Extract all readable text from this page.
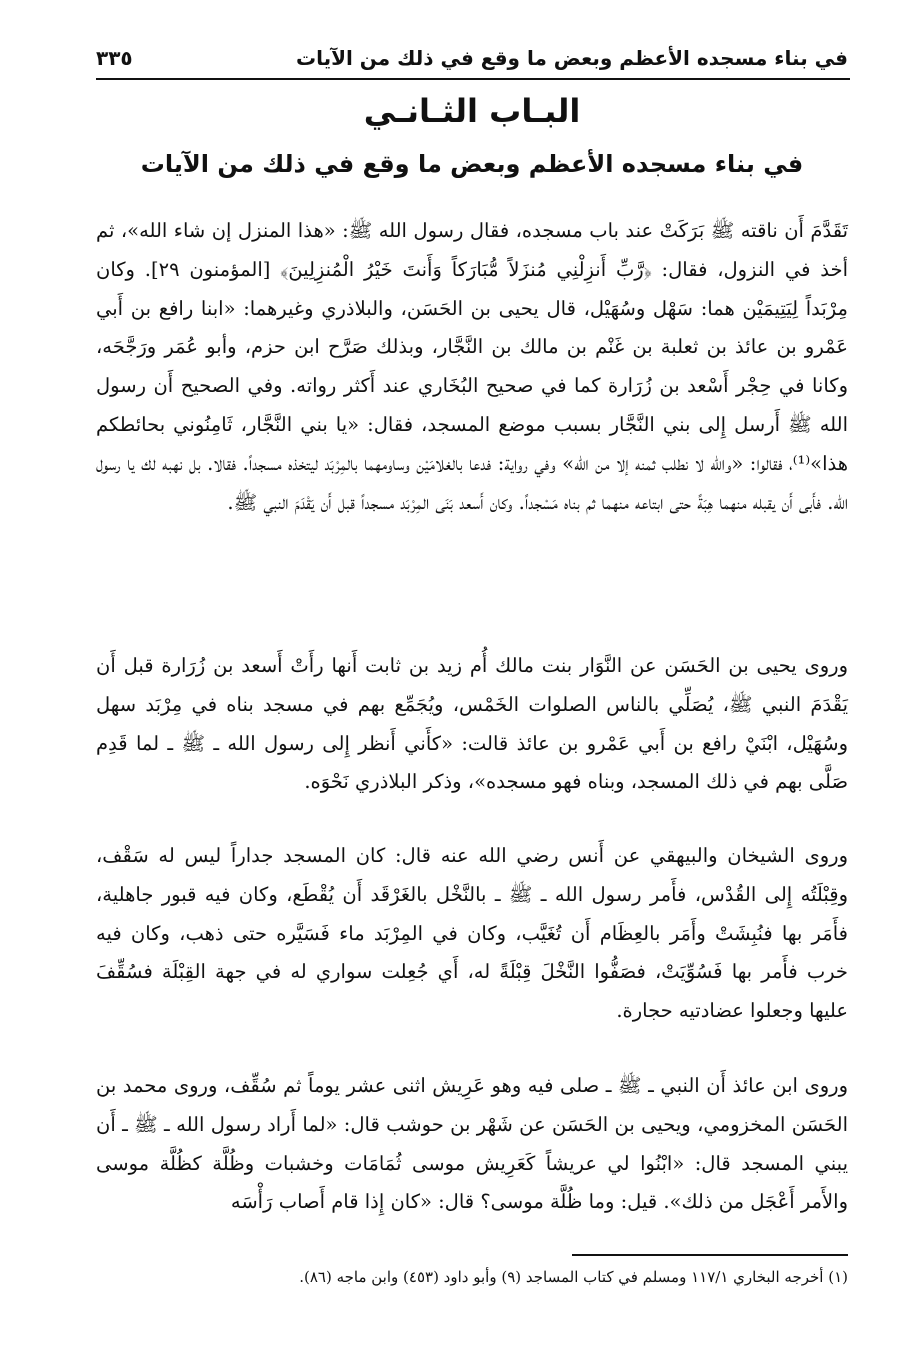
في بناء مسجده الأعظم وبعض ما وقع في ذلك من الآيات
٣٣٥
البـاب الثـانـي
في بناء مسجده الأعظم وبعض ما وقع في ذلك من الآيات

تَقَدَّمَ أَن ناقته ﷺ بَرَكَتْ عند باب مسجده، فقال رسول الله ﷺ: «هذا المنزل إن شاء الله»، ثم أخذ في النزول، فقال: ﴿رَّبِّ أَنزِلْنِي مُنزَلاً مُّبَارَكاً وَأَنتَ خَيْرُ الْمُنزِلِينَ﴾ [المؤمنون ٢٩]. وكان مِرْبَداً لِيَتِيمَيْن هما: سَهْل وسُهَيْل، قال يحيى بن الحَسَن، والبلاذري وغيرهما: «ابنا رافع بن أَبي عَمْرو بن عائذ بن ثعلبة بن غَنْم بن مالك بن النَّجَّار، وبذلك صَرَّح ابن حزم، وأبو عُمَر ورَجَّحَه، وكانا في حِجْر أَسْعد بن زُرَارة كما في صحيح البُخَاري عند أَكثر رواته. وفي الصحيح أَن رسول الله ﷺ أَرسل إِلى بني النَّجَّار بسبب موضع المسجد، فقال: «يا بني النَّجَّار، ثَامِنُوني بحائطكم هذا»⁽¹⁾، فقالوا: «والله لا نطلب ثمنه إلا من الله» وفي رواية: فدعا بالغلامَيْن وساومهما بالمِرْبَد ليتخذه مسجداً. فقالا. بل نهبه لك يا رسول الله. فأَبى أَن يقبله منهما هِبَةً حتى ابتاعه منهما ثم بناه مَسْجداً. وكان أَسعد بَنَى المِرْبَد مسجداً قبل أَن يَقْدَمَ النبي ﷺ.

وروى يحيى بن الحَسَن عن النَّوَار بنت مالك أُم زيد بن ثابت أَنها رأَتْ أَسعد بن زُرَارة قبل أَن يَقْدَمَ النبي ﷺ، يُصَلِّي بالناس الصلوات الخَمْس، ويُجَمِّع بهم في مسجد بناه في مِرْبَد سهل وسُهَيْل، ابْنَيْ رافع بن أَبي عَمْرو بن عائذ قالت: «كأَني أَنظر إِلى رسول الله ـ ﷺ ـ لما قَدِم صَلَّى بهم في ذلك المسجد، وبناه فهو مسجده»، وذكر البلاذري نَحْوَه.

وروى الشيخان والبيهقي عن أَنس رضي الله عنه قال: كان المسجد جداراً ليس له سَقْف، وقِبْلَتُه إِلى القُدْس، فأَمر رسول الله ـ ﷺ ـ بالنَّخْل بالغَرْقَد أَن يُقْطَع، وكان فيه قبور جاهلية، فأَمَر بها فنُبِشَتْ وأَمَر بالعِظَام أَن تُغَيَّب، وكان في المِرْبَد ماء فَسَيَّره حتى ذهب، وكان فيه خرب فأَمر بها فَسُوِّيَتْ، فصَفُّوا النَّخْلَ قِبْلَةً له، أَي جُعِلت سواري له في جهة القِبْلَة فسُقِّفَ عليها وجعلوا عضادتيه حجارة.

وروى ابن عائذ أَن النبي ـ ﷺ ـ صلى فيه وهو عَرِيش اثنى عشر يوماً ثم سُقِّف، وروى محمد بن الحَسَن المخزومي، ويحيى بن الحَسَن عن شَهْر بن حوشب قال: «لما أَراد رسول الله ـ ﷺ ـ أَن يبني المسجد قال: «ابْنُوا لي عريشاً كَعَرِيش موسى ثُمَامَات وخشبات وظُلَّة كظُلَّة موسى والأَمر أَعْجَل من ذلك». قيل: وما ظُلَّة موسى؟ قال: «كان إِذا قام أَصاب رَأْسَه

(١) أخرجه البخاري ١١٧/١ ومسلم في كتاب المساجد (٩) وأبو داود (٤٥٣) وابن ماجه (٨٦).
